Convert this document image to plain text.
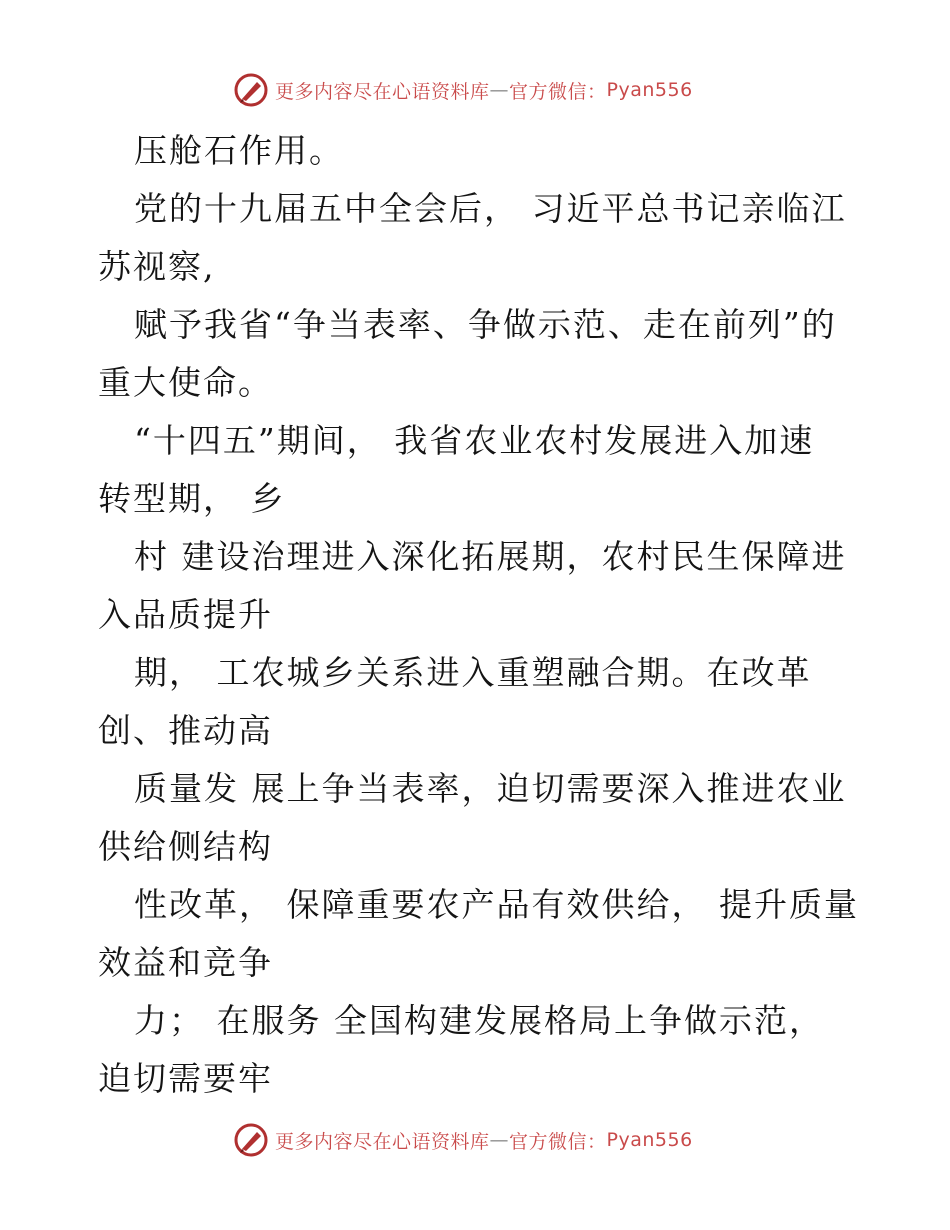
更多内容尽在心语资料库 — 官方微信： Pyan556
压舱石作用。
党的十九届五中全会后， 习近平总书记亲临江
苏视察,
赋予我省“争当表率、争做示范、走在前列”的
重大使命。
“十四五”期间， 我省农业农村发展进入加速
转型期， 乡
村 建设治理进入深化拓展期，农村民生保障进
入品质提升
期， 工农城乡关系进入重塑融合期。在改革
创、推动高
质量发 展上争当表率，迫切需要深入推进农业
供给侧结构
性改革， 保障重要农产品有效供给， 提升质量
效益和竞争
力； 在服务 全国构建发展格局上争做示范，
迫切需要牢
更多内容尽在心语资料库 — 官方微信： Pyan556
